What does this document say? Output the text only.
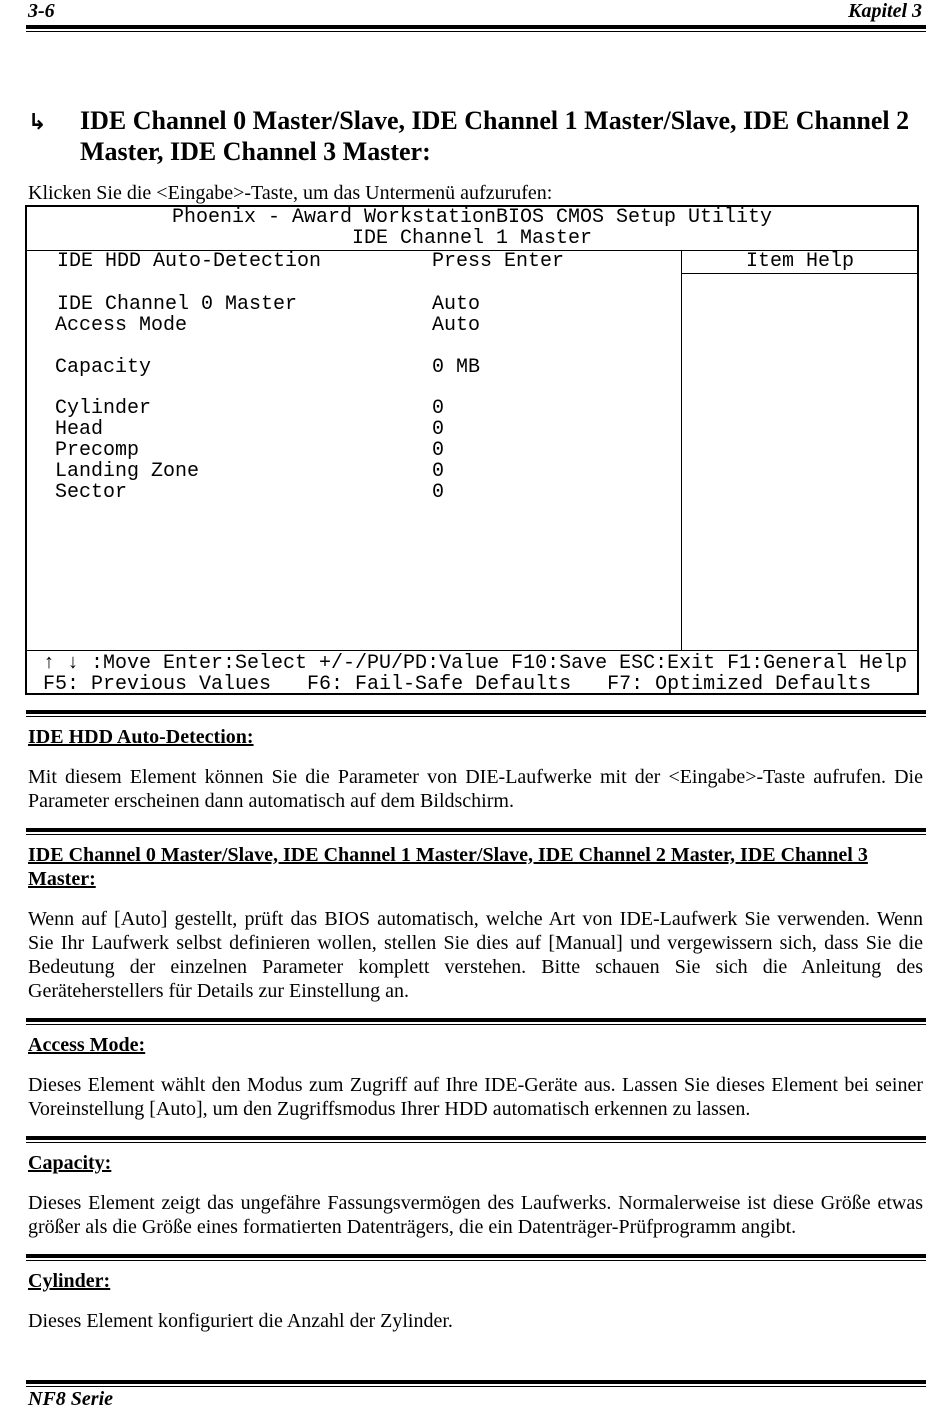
3-6	Kapitel 3
↳	IDE Channel 0 Master/Slave, IDE Channel 1 Master/Slave, IDE Channel 2 Master, IDE Channel 3 Master:
Klicken Sie die <Eingabe>-Taste, um das Untermenü aufzurufen:
Phoenix - Award WorkstationBIOS CMOS Setup Utility
IDE Channel 1 Master
Item Help
IDE HDD Auto-Detection	Press Enter
IDE Channel 0 Master	Auto
Access Mode	Auto
Capacity	0 MB
Cylinder	0
Head	0
Precomp	0
Landing Zone	0
Sector	0
↑ ↓ :Move Enter:Select +/-/PU/PD:Value F10:Save ESC:Exit F1:General Help
F5: Previous Values   F6: Fail-Safe Defaults   F7: Optimized Defaults
IDE HDD Auto-Detection:
Mit diesem Element können Sie die Parameter von DIE-Laufwerke mit der <Eingabe>-Taste aufrufen. Die Parameter erscheinen dann automatisch auf dem Bildschirm.
IDE Channel 0 Master/Slave, IDE Channel 1 Master/Slave, IDE Channel 2 Master, IDE Channel 3 Master:
Wenn auf [Auto] gestellt, prüft das BIOS automatisch, welche Art von IDE-Laufwerk Sie verwenden. Wenn Sie Ihr Laufwerk selbst definieren wollen, stellen Sie dies auf [Manual] und vergewissern sich, dass Sie die Bedeutung der einzelnen Parameter komplett verstehen. Bitte schauen Sie sich die Anleitung des Geräteherstellers für Details zur Einstellung an.
Access Mode:
Dieses Element wählt den Modus zum Zugriff auf Ihre IDE-Geräte aus. Lassen Sie dieses Element bei seiner Voreinstellung [Auto], um den Zugriffsmodus Ihrer HDD automatisch erkennen zu lassen.
Capacity:
Dieses Element zeigt das ungefähre Fassungsvermögen des Laufwerks. Normalerweise ist diese Größe etwas größer als die Größe eines formatierten Datenträgers, die ein Datenträger-Prüfprogramm angibt.
Cylinder:
Dieses Element konfiguriert die Anzahl der Zylinder.
NF8 Serie
